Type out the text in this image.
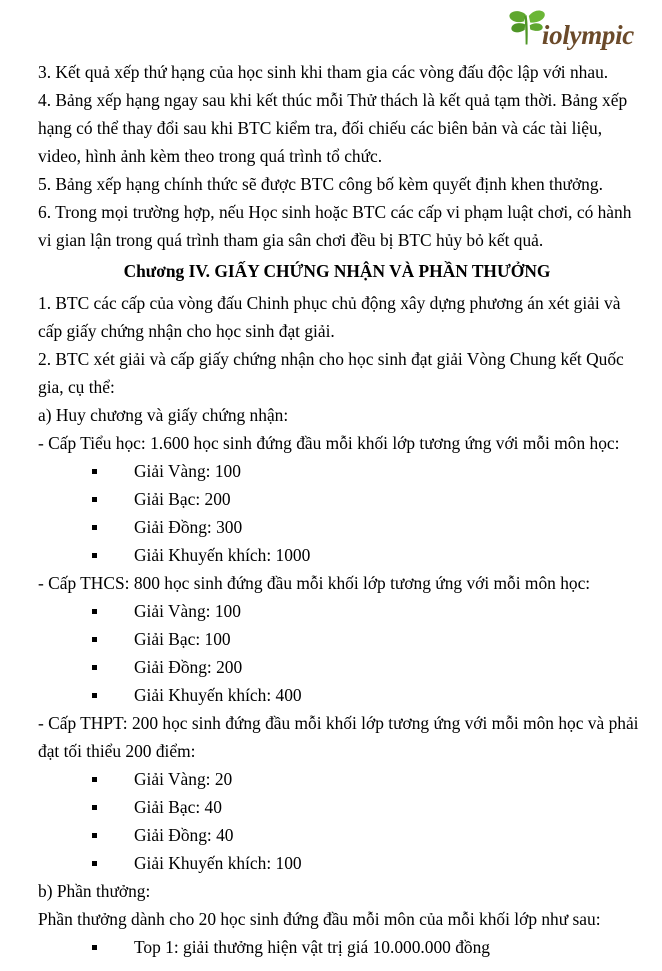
iolympic

3. Kết quả xếp thứ hạng của học sinh khi tham gia các vòng đấu độc lập với nhau.

4. Bảng xếp hạng ngay sau khi kết thúc mỗi Thử thách là kết quả tạm thời. Bảng xếp hạng có thể thay đổi sau khi BTC kiểm tra, đối chiếu các biên bản và các tài liệu, video, hình ảnh kèm theo trong quá trình tổ chức.

5. Bảng xếp hạng chính thức sẽ được BTC công bố kèm quyết định khen thưởng.

6. Trong mọi trường hợp, nếu Học sinh hoặc BTC các cấp vi phạm luật chơi, có hành vi gian lận trong quá trình tham gia sân chơi đều bị BTC hủy bỏ kết quả.

Chương IV. GIẤY CHỨNG NHẬN VÀ PHẦN THƯỞNG

1. BTC các cấp của vòng đấu Chinh phục chủ động xây dựng phương án xét giải và cấp giấy chứng nhận cho học sinh đạt giải.

2. BTC xét giải và cấp giấy chứng nhận cho học sinh đạt giải Vòng Chung kết Quốc gia, cụ thể:

a) Huy chương và giấy chứng nhận:

- Cấp Tiểu học: 1.600 học sinh đứng đầu mỗi khối lớp tương ứng với mỗi môn học:

Giải Vàng: 100
Giải Bạc: 200
Giải Đồng: 300
Giải Khuyến khích: 1000

- Cấp THCS: 800 học sinh đứng đầu mỗi khối lớp tương ứng với mỗi môn học:

Giải Vàng: 100
Giải Bạc: 100
Giải Đồng: 200
Giải Khuyến khích: 400

- Cấp THPT: 200 học sinh đứng đầu mỗi khối lớp tương ứng với mỗi môn học và phải đạt tối thiểu 200 điểm:

Giải Vàng: 20
Giải Bạc: 40
Giải Đồng: 40
Giải Khuyến khích: 100

b) Phần thưởng:

Phần thưởng dành cho 20 học sinh đứng đầu mỗi môn của mỗi khối lớp như sau:

Top 1: giải thưởng hiện vật trị giá 10.000.000 đồng
